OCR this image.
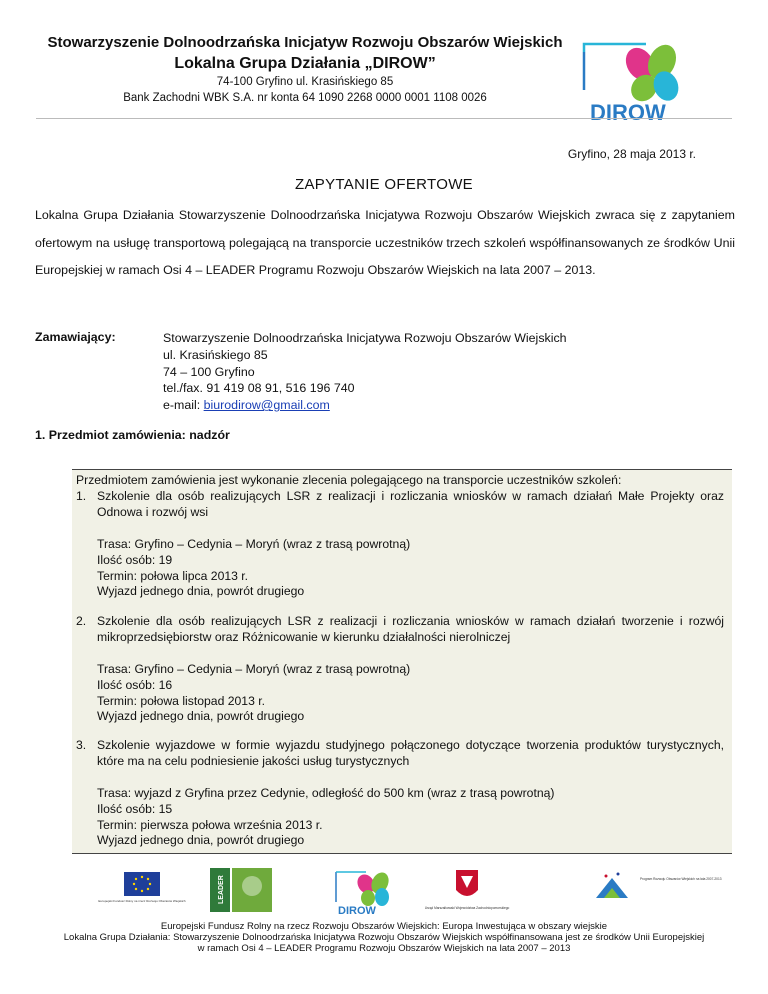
Stowarzyszenie Dolnoodrzańska Inicjatyw Rozwoju Obszarów Wiejskich
Lokalna Grupa Działania „DIROW”
74-100 Gryfino ul. Krasińskiego 85
Bank Zachodni WBK S.A. nr konta 64 1090 2268 0000 0001 1108 0026
DIROW
Gryfino, 28 maja 2013 r.
ZAPYTANIE OFERTOWE
Lokalna Grupa Działania Stowarzyszenie Dolnoodrzańska Inicjatywa Rozwoju Obszarów Wiejskich zwraca się z zapytaniem ofertowym na usługę transportową polegającą na transporcie uczestników trzech szkoleń współfinansowanych ze środków Unii Europejskiej w ramach Osi 4 – LEADER Programu Rozwoju Obszarów Wiejskich na lata 2007 – 2013.
Zamawiający:	Stowarzyszenie Dolnoodrzańska Inicjatywa Rozwoju Obszarów Wiejskich
ul. Krasińskiego 85
74 – 100 Gryfino
tel./fax. 91 419 08 91, 516 196 740
e-mail: biurodirow@gmail.com
1. Przedmiot zamówienia: nadzór
Przedmiotem zamówienia jest wykonanie zlecenia polegającego na transporcie uczestników szkoleń:
1. Szkolenie dla osób realizujących LSR z realizacji i rozliczania wniosków w ramach działań Małe Projekty oraz Odnowa i rozwój wsi
Trasa: Gryfino – Cedynia – Moryń (wraz z trasą powrotną)
Ilość osób: 19
Termin: połowa lipca 2013 r.
Wyjazd jednego dnia, powrót drugiego
2. Szkolenie dla osób realizujących LSR z realizacji i rozliczania wniosków w ramach działań tworzenie i rozwój mikroprzedsiębiorstw oraz Różnicowanie w kierunku działalności nierolniczej
Trasa: Gryfino – Cedynia – Moryń (wraz z trasą powrotną)
Ilość osób: 16
Termin: połowa listopad 2013 r.
Wyjazd jednego dnia, powrót drugiego
3. Szkolenie wyjazdowe w formie wyjazdu studyjnego połączonego dotyczące tworzenia produktów turystycznych, które ma na celu podniesienie jakości usług turystycznych
Trasa: wyjazd z Gryfina przez Cedynie, odległość do 500 km (wraz z trasą powrotną)
Ilość osób: 15
Termin: pierwsza połowa września 2013 r.
Wyjazd jednego dnia, powrót drugiego
Europejski Fundusz Rolny na rzecz Rozwoju Obszarów Wiejskich	LEADER
DIROW	Urząd Marszałkowski Województwa Zachodniopomorskiego
Program Rozwoju Obszarów Wiejskich na lata 2007-2013
Europejski Fundusz Rolny na rzecz Rozwoju Obszarów Wiejskich: Europa Inwestująca w obszary wiejskie
Lokalna Grupa Działania: Stowarzyszenie Dolnoodrzańska Inicjatywa Rozwoju Obszarów Wiejskich współfinansowana jest ze środków Unii Europejskiej
w ramach Osi 4 – LEADER Programu Rozwoju Obszarów Wiejskich na lata 2007 – 2013
